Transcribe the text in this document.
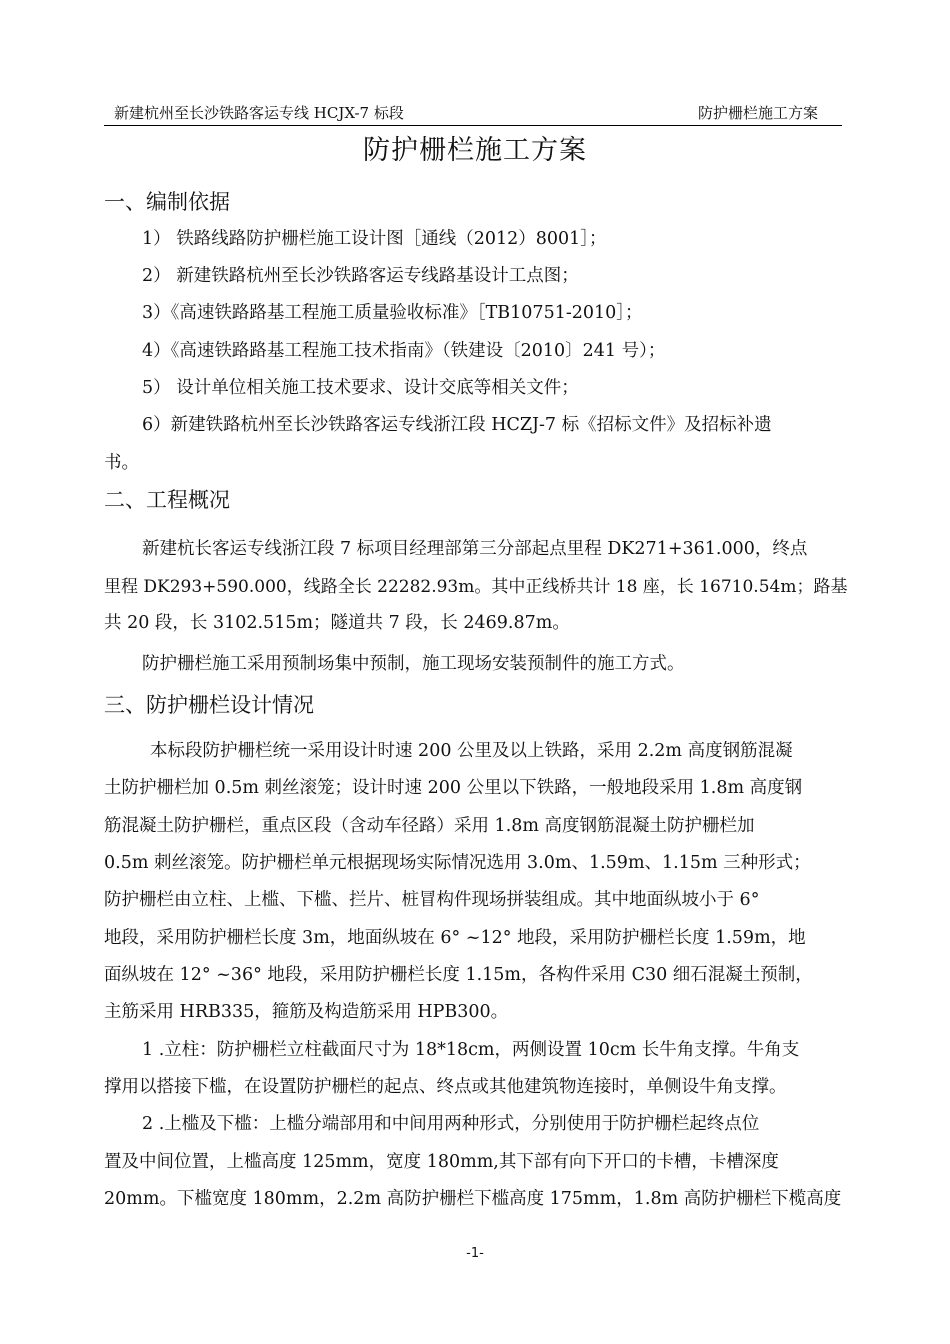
新建杭州至长沙铁路客运专线 HCJX-7 标段	防护栅栏施工方案
防护栅栏施工方案
一、编制依据
1） 铁路线路防护栅栏施工设计图［通线（2012）8001］；
2） 新建铁路杭州至长沙铁路客运专线路基设计工点图；
3）《高速铁路路基工程施工质量验收标准》［TB10751-2010］；
4）《高速铁路路基工程施工技术指南》（铁建设〔2010〕241 号）；
5） 设计单位相关施工技术要求、设计交底等相关文件；
6）新建铁路杭州至长沙铁路客运专线浙江段 HCZJ-7 标《招标文件》及招标补遗
书。
二、工程概况
新建杭长客运专线浙江段 7 标项目经理部第三分部起点里程 DK271+361.000，终点
里程 DK293+590.000，线路全长 22282.93m。其中正线桥共计 18 座，长 16710.54m；路基
共 20 段，长 3102.515m；隧道共 7 段，长 2469.87m。
防护栅栏施工采用预制场集中预制，施工现场安装预制件的施工方式。
三、防护栅栏设计情况
本标段防护栅栏统一采用设计时速 200 公里及以上铁路，采用 2.2m 高度钢筋混凝
土防护栅栏加 0.5m 刺丝滚笼；设计时速 200 公里以下铁路，一般地段采用 1.8m 高度钢
筋混凝土防护栅栏，重点区段（含动车径路）采用 1.8m 高度钢筋混凝土防护栅栏加
0.5m 刺丝滚笼。防护栅栏单元根据现场实际情况选用 3.0m、1.59m、1.15m 三种形式；
防护栅栏由立柱、上槛、下槛、拦片、桩冒构件现场拼装组成。其中地面纵坡小于 6°
地段，采用防护栅栏长度 3m，地面纵坡在 6° ~12° 地段，采用防护栅栏长度 1.59m，地
面纵坡在 12° ~36° 地段，采用防护栅栏长度 1.15m，各构件采用 C30 细石混凝土预制，
主筋采用 HRB335，箍筋及构造筋采用 HPB300。
1 .立柱：防护栅栏立柱截面尺寸为 18*18cm，两侧设置 10cm 长牛角支撑。牛角支
撑用以搭接下槛，在设置防护栅栏的起点、终点或其他建筑物连接时，单侧设牛角支撑。
2 .上槛及下槛：上槛分端部用和中间用两种形式，分别使用于防护栅栏起终点位
置及中间位置，上槛高度 125mm，宽度 180mm,其下部有向下开口的卡槽，卡槽深度
20mm。下槛宽度 180mm，2.2m 高防护栅栏下槛高度 175mm，1.8m 高防护栅栏下榄高度
-1-
